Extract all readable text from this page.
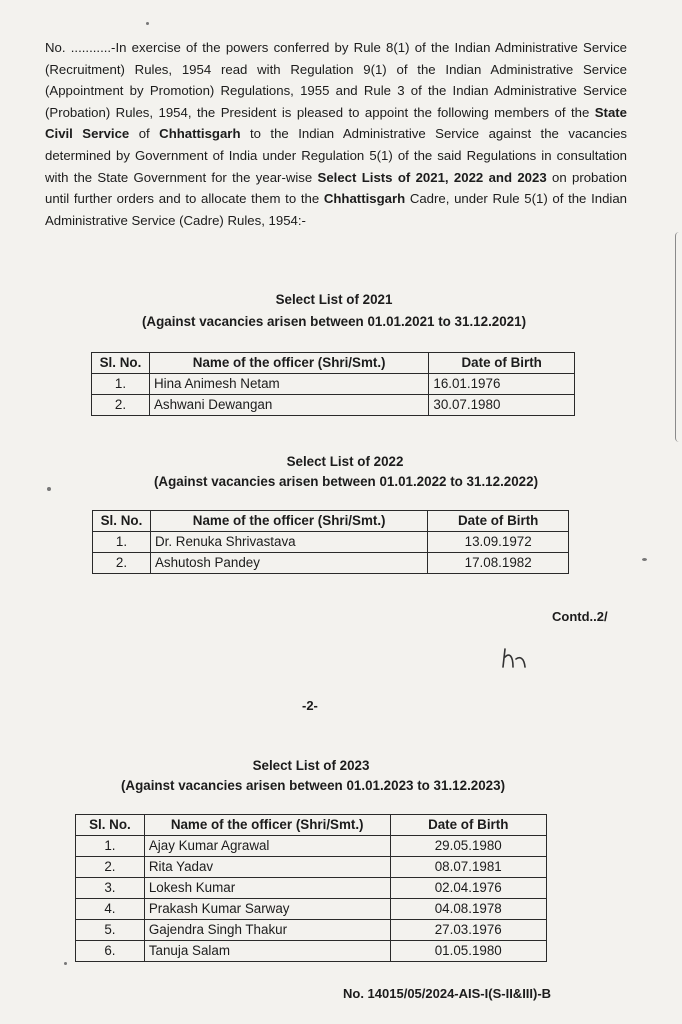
No. ...........-In exercise of the powers conferred by Rule 8(1) of the Indian Administrative Service (Recruitment) Rules, 1954 read with Regulation 9(1) of the Indian Administrative Service (Appointment by Promotion) Regulations, 1955 and Rule 3 of the Indian Administrative Service (Probation) Rules, 1954, the President is pleased to appoint the following members of the State Civil Service of Chhattisgarh to the Indian Administrative Service against the vacancies determined by Government of India under Regulation 5(1) of the said Regulations in consultation with the State Government for the year-wise Select Lists of 2021, 2022 and 2023 on probation until further orders and to allocate them to the Chhattisgarh Cadre, under Rule 5(1) of the Indian Administrative Service (Cadre) Rules, 1954:-
Select List of 2021
(Against vacancies arisen between 01.01.2021 to 31.12.2021)
Sl. No.	Name of the officer (Shri/Smt.)	Date of Birth
1.	Hina Animesh Netam	16.01.1976
2.	Ashwani Dewangan	30.07.1980
Select List of 2022
(Against vacancies arisen between 01.01.2022 to 31.12.2022)
Sl. No.	Name of the officer (Shri/Smt.)	Date of Birth
1.	Dr. Renuka Shrivastava	13.09.1972
2.	Ashutosh Pandey	17.08.1982
Contd..2/
-2-
Select List of 2023
(Against vacancies arisen between 01.01.2023 to 31.12.2023)
Sl. No.	Name of the officer (Shri/Smt.)	Date of Birth
1.	Ajay Kumar Agrawal	29.05.1980
2.	Rita Yadav	08.07.1981
3.	Lokesh Kumar	02.04.1976
4.	Prakash Kumar Sarway	04.08.1978
5.	Gajendra Singh Thakur	27.03.1976
6.	Tanuja Salam	01.05.1980
No. 14015/05/2024-AIS-I(S-II&III)-B
